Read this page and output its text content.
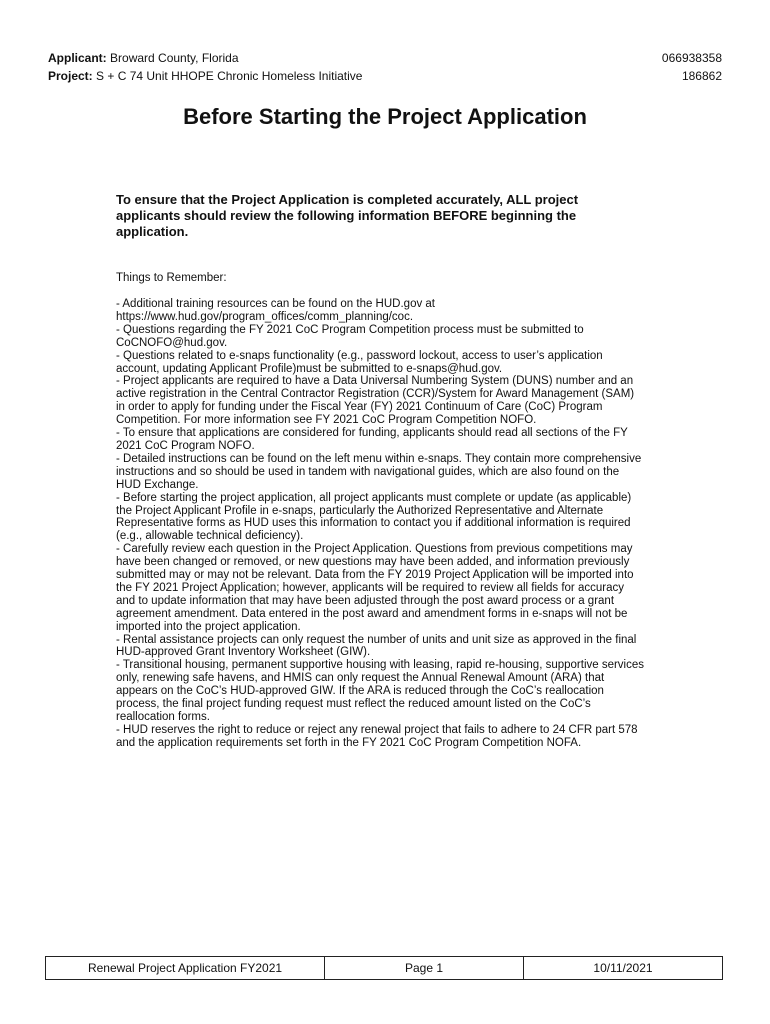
Applicant: Broward County, Florida	066938358
Project: S + C 74 Unit HHOPE Chronic Homeless Initiative	186862
Before Starting the Project Application
To ensure that the Project Application is completed accurately, ALL project applicants should review the following information BEFORE beginning the application.
Things to Remember:

- Additional training resources can be found on the HUD.gov at https://www.hud.gov/program_offices/comm_planning/coc.

- Questions regarding the FY 2021 CoC Program Competition process must be submitted to CoCNOFO@hud.gov.

- Questions related to e-snaps functionality (e.g., password lockout, access to user’s application account, updating Applicant Profile)must be submitted to e-snaps@hud.gov.

- Project applicants are required to have a Data Universal Numbering System (DUNS) number and an active registration in the Central Contractor Registration (CCR)/System for Award Management (SAM) in order to apply for funding under the Fiscal Year (FY) 2021 Continuum of Care (CoC) Program Competition. For more information see FY 2021 CoC Program Competition NOFO.

- To ensure that applications are considered for funding, applicants should read all sections of the FY 2021 CoC Program NOFO.

- Detailed instructions can be found on the left menu within e-snaps. They contain more comprehensive instructions and so should be used in tandem with navigational guides, which are also found on the HUD Exchange.

- Before starting the project application, all project applicants must complete or update (as applicable) the Project Applicant Profile in e-snaps, particularly the Authorized Representative and Alternate Representative forms as HUD uses this information to contact you if additional information is required (e.g., allowable technical deficiency).

- Carefully review each question in the Project Application. Questions from previous competitions may have been changed or removed, or new questions may have been added, and information previously submitted may or may not be relevant. Data from the FY 2019 Project Application will be imported into the FY 2021 Project Application; however, applicants will be required to review all fields for accuracy and to update information that may have been adjusted through the post award process or a grant agreement amendment. Data entered in the post award and amendment forms in e-snaps will not be imported into the project application.

- Rental assistance projects can only request the number of units and unit size as approved in the final HUD-approved Grant Inventory Worksheet (GIW).

- Transitional housing, permanent supportive housing with leasing, rapid re-housing, supportive services only, renewing safe havens, and HMIS can only request the Annual Renewal Amount (ARA) that appears on the CoC’s HUD-approved GIW. If the ARA is reduced through the CoC’s reallocation process, the final project funding request must reflect the reduced amount listed on the CoC’s reallocation forms.

- HUD reserves the right to reduce or reject any renewal project that fails to adhere to 24 CFR part 578 and the application requirements set forth in the FY 2021 CoC Program Competition NOFA.

Renewal Project Application FY2021	Page 1	10/11/2021
